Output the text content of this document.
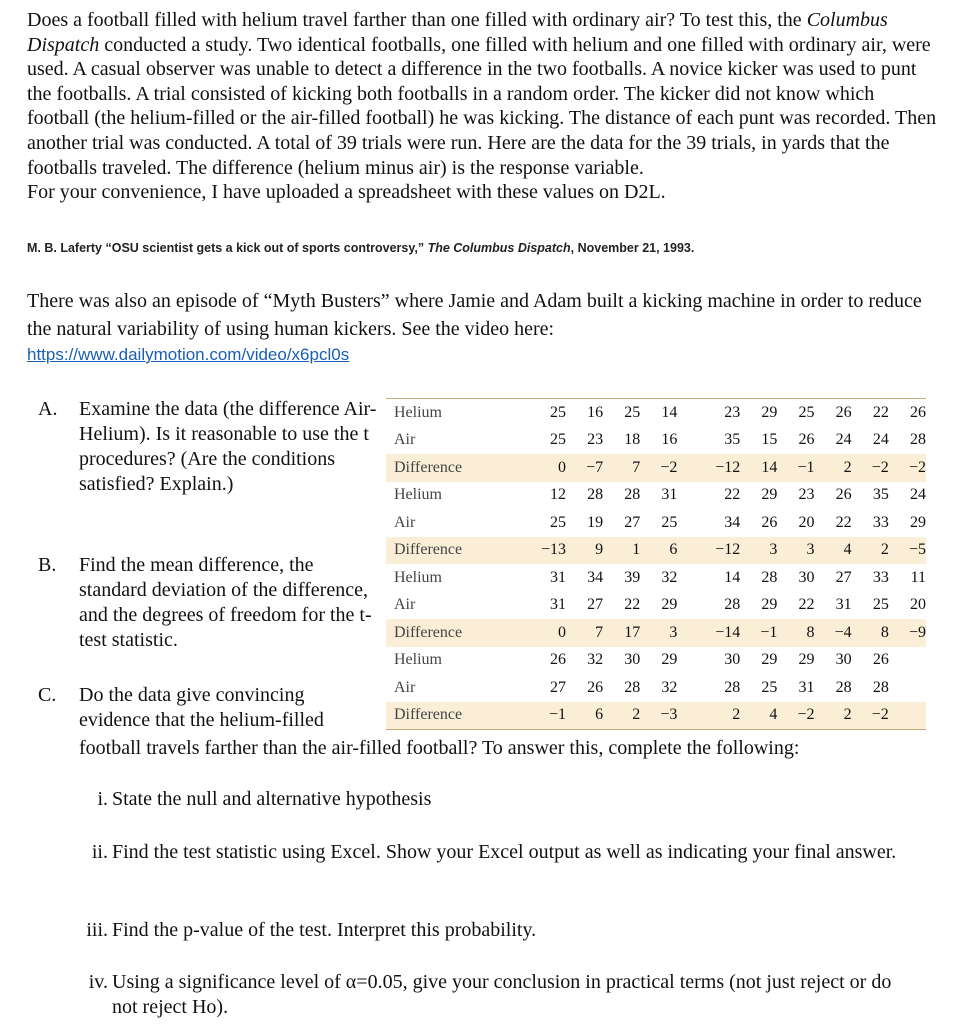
Does a football filled with helium travel farther than one filled with ordinary air? To test this, the Columbus Dispatch conducted a study. Two identical footballs, one filled with helium and one filled with ordinary air, were used. A casual observer was unable to detect a difference in the two footballs. A novice kicker was used to punt the footballs. A trial consisted of kicking both footballs in a random order. The kicker did not know which football (the helium-filled or the air-filled football) he was kicking. The distance of each punt was recorded. Then another trial was conducted. A total of 39 trials were run. Here are the data for the 39 trials, in yards that the footballs traveled. The difference (helium minus air) is the response variable.
For your convenience, I have uploaded a spreadsheet with these values on D2L.
M. B. Laferty “OSU scientist gets a kick out of sports controversy,” The Columbus Dispatch, November 21, 1993.
There was also an episode of “Myth Busters” where Jamie and Adam built a kicking machine in order to reduce the natural variability of using human kickers. See the video here:
https://www.dailymotion.com/video/x6pcl0s
A. Examine the data (the difference Air-Helium). Is it reasonable to use the t procedures? (Are the conditions satisfied? Explain.)
B. Find the mean difference, the standard deviation of the difference, and the degrees of freedom for the t-test statistic.
C. Do the data give convincing evidence that the helium-filled
football travels farther than the air-filled football? To answer this, complete the following:
i. State the null and alternative hypothesis
ii. Find the test statistic using Excel. Show your Excel output as well as indicating your final answer.
iii. Find the p-value of the test. Interpret this probability.
iv. Using a significance level of α=0.05, give your conclusion in practical terms (not just reject or do not reject Ho).
Helium	25	16	25	14		23	29	25	26	22	26
Air	25	23	18	16		35	15	26	24	24	28
Difference	0	−7	7	−2		−12	14	−1	2	−2	−2
Helium	12	28	28	31		22	29	23	26	35	24
Air	25	19	27	25		34	26	20	22	33	29
Difference	−13	9	1	6		−12	3	3	4	2	−5
Helium	31	34	39	32		14	28	30	27	33	11
Air	31	27	22	29		28	29	22	31	25	20
Difference	0	7	17	3		−14	−1	8	−4	8	−9
Helium	26	32	30	29		30	29	29	30	26	
Air	27	26	28	32		28	25	31	28	28	
Difference	−1	6	2	−3		2	4	−2	2	−2	
